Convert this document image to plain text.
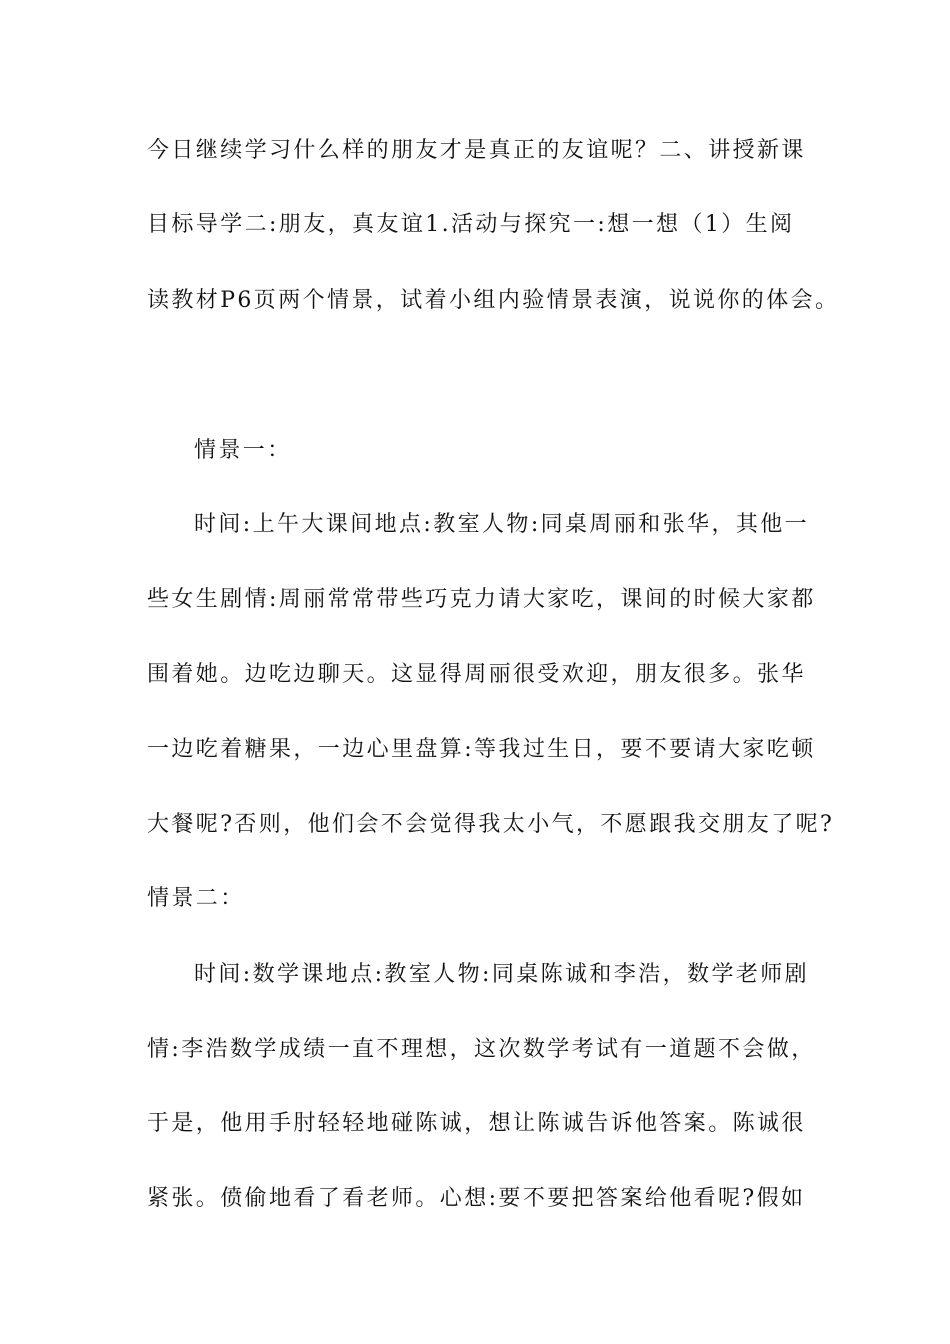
今日继续学习什么样的朋友才是真正的友谊呢？二、讲授新课
目标导学二:朋友，真友谊1.活动与探究一:想一想（1）生阅
读教材P6页两个情景，试着小组内验情景表演，说说你的体会。
情景一：
时间:上午大课间地点:教室人物:同桌周丽和张华，其他一
些女生剧情:周丽常常带些巧克力请大家吃，课间的时候大家都
围着她。边吃边聊天。这显得周丽很受欢迎，朋友很多。张华
一边吃着糖果，一边心里盘算:等我过生日，要不要请大家吃顿
大餐呢?否则，他们会不会觉得我太小气，不愿跟我交朋友了呢?
情景二：
时间:数学课地点:教室人物:同桌陈诚和李浩，数学老师剧
情:李浩数学成绩一直不理想，这次数学考试有一道题不会做，
于是，他用手肘轻轻地碰陈诚，想让陈诚告诉他答案。陈诚很
紧张。偾偷地看了看老师。心想:要不要把答案给他看呢?假如
